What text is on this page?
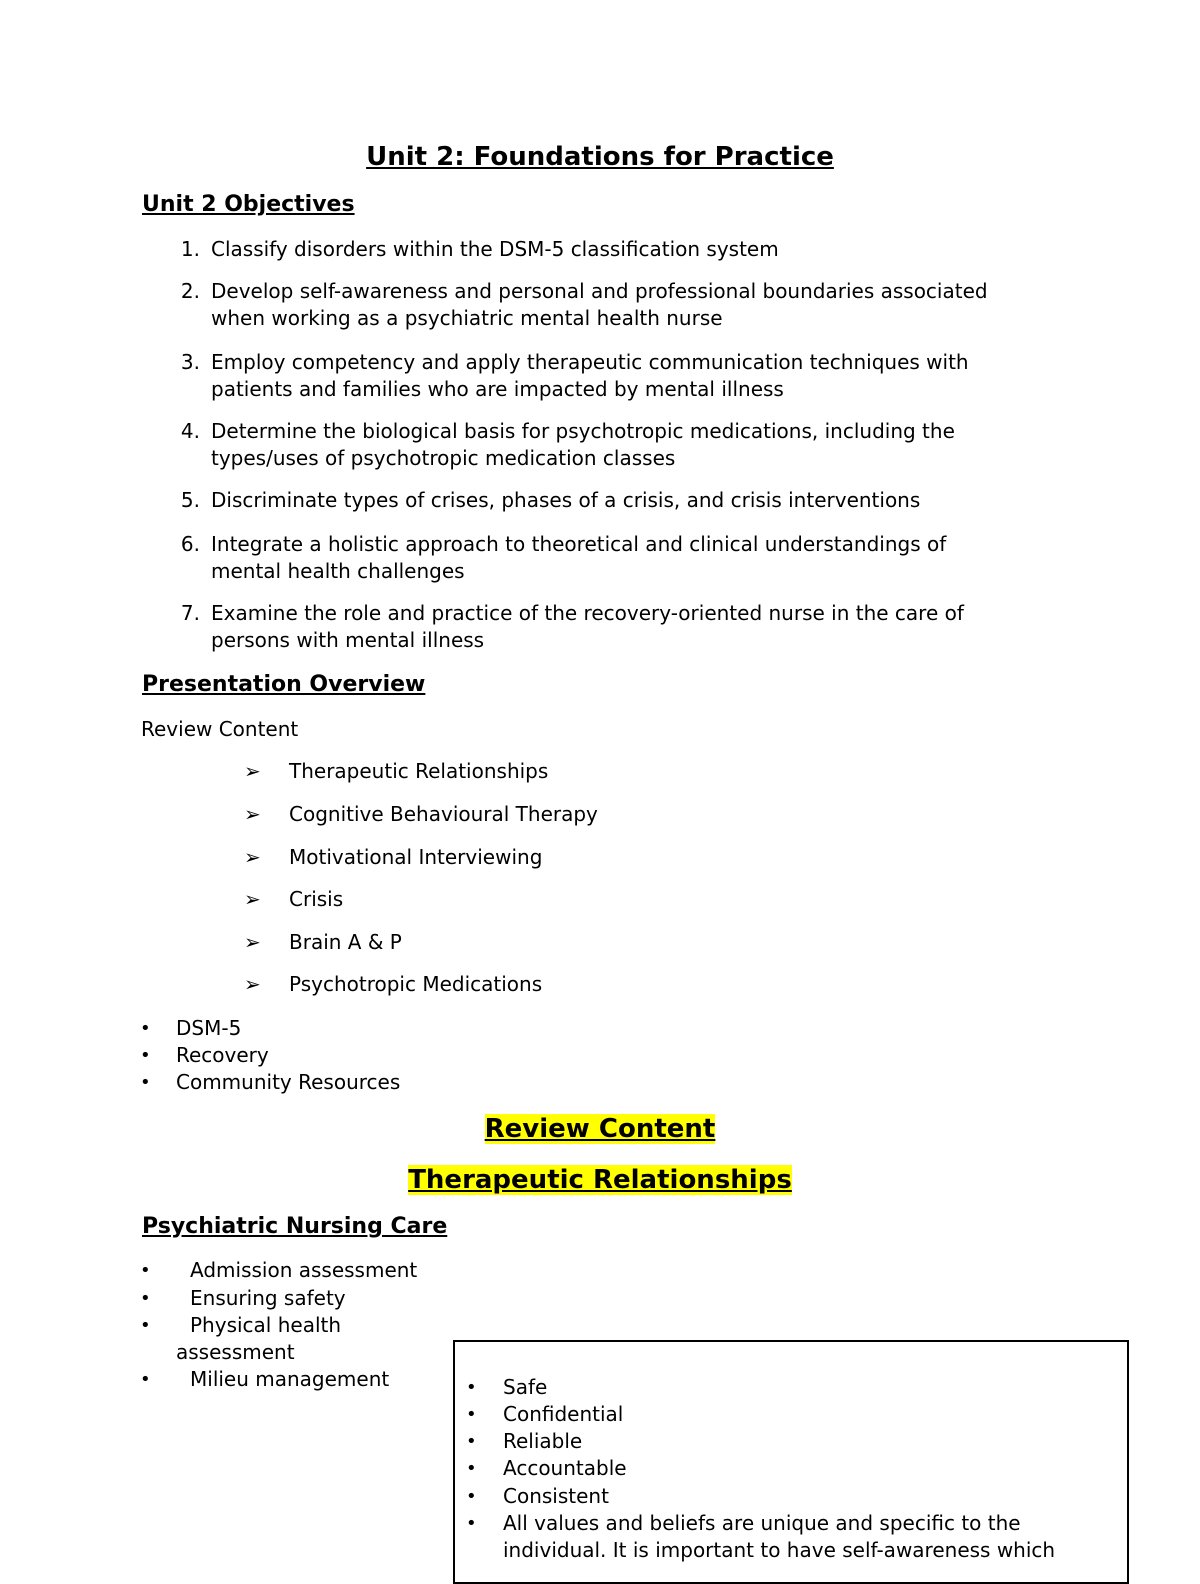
Unit 2: Foundations for Practice
Unit 2 Objectives
1. Classify disorders within the DSM-5 classification system
2. Develop self-awareness and personal and professional boundaries associated
when working as a psychiatric mental health nurse
3. Employ competency and apply therapeutic communication techniques with
patients and families who are impacted by mental illness
4. Determine the biological basis for psychotropic medications, including the
types/uses of psychotropic medication classes
5. Discriminate types of crises, phases of a crisis, and crisis interventions
6. Integrate a holistic approach to theoretical and clinical understandings of
mental health challenges
7. Examine the role and practice of the recovery-oriented nurse in the care of
persons with mental illness
Presentation Overview
Review Content
➢ Therapeutic Relationships
➢ Cognitive Behavioural Therapy
➢ Motivational Interviewing
➢ Crisis
➢ Brain A & P
➢ Psychotropic Medications
• DSM-5
• Recovery
• Community Resources
Review Content
Therapeutic Relationships
Psychiatric Nursing Care
• Admission assessment
• Ensuring safety
• Physical health
assessment
• Milieu management	• Safe
• Confidential
• Reliable
• Accountable
• Consistent
• All values and beliefs are unique and specific to the
individual. It is important to have self-awareness which
